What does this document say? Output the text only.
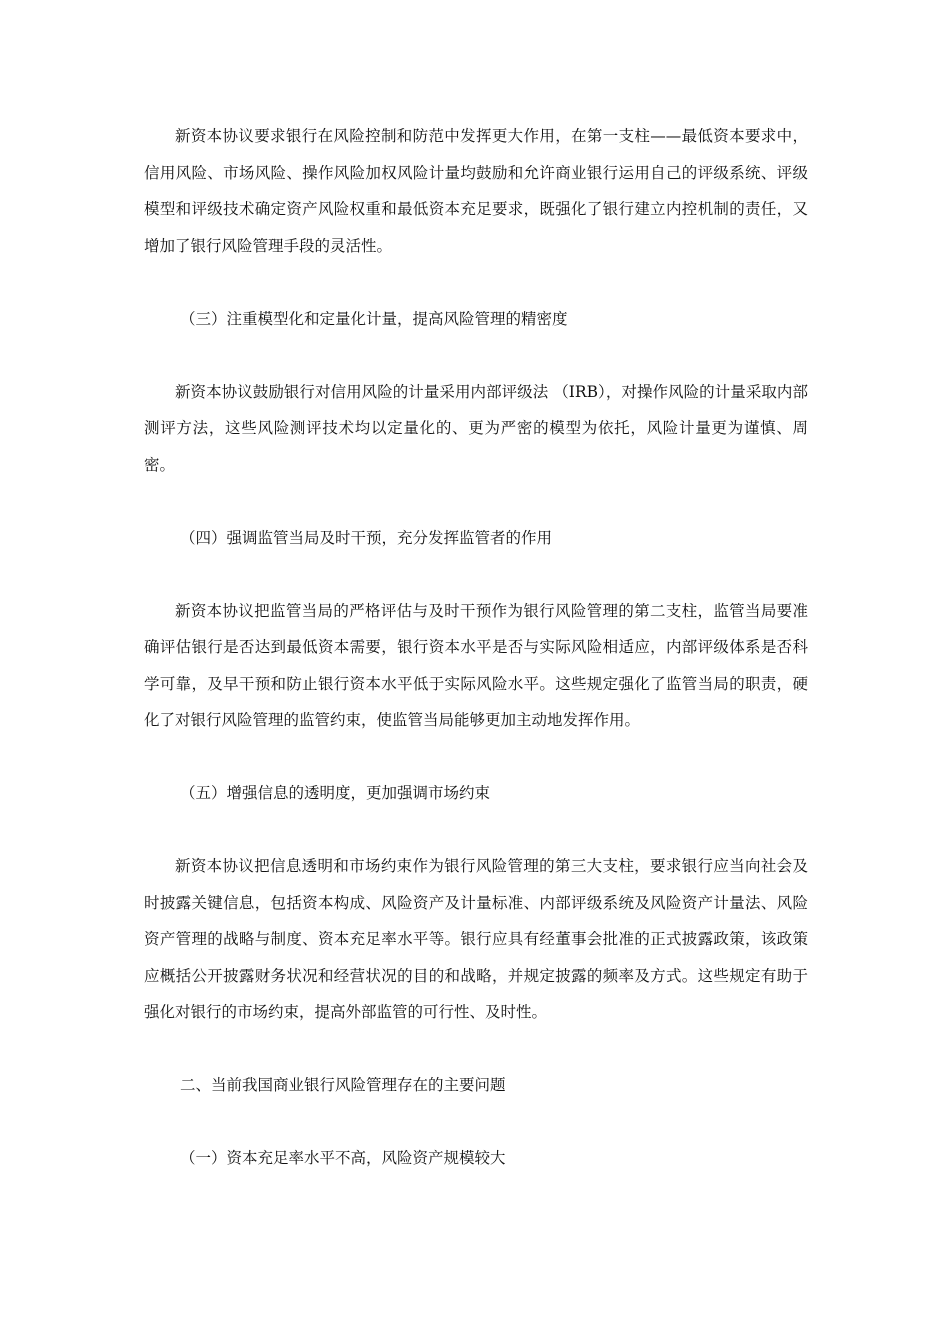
新资本协议要求银行在风险控制和防范中发挥更大作用，在第一支柱——最低资本要求中，信用风险、市场风险、操作风险加权风险计量均鼓励和允许商业银行运用自己的评级系统、评级模型和评级技术确定资产风险权重和最低资本充足要求，既强化了银行建立内控机制的责任，又增加了银行风险管理手段的灵活性。

（三）注重模型化和定量化计量，提高风险管理的精密度

新资本协议鼓励银行对信用风险的计量采用内部评级法 （IRB），对操作风险的计量采取内部测评方法，这些风险测评技术均以定量化的、更为严密的模型为依托，风险计量更为谨慎、周密。

（四）强调监管当局及时干预，充分发挥监管者的作用

新资本协议把监管当局的严格评估与及时干预作为银行风险管理的第二支柱，监管当局要准确评估银行是否达到最低资本需要，银行资本水平是否与实际风险相适应，内部评级体系是否科学可靠，及早干预和防止银行资本水平低于实际风险水平。这些规定强化了监管当局的职责，硬化了对银行风险管理的监管约束，使监管当局能够更加主动地发挥作用。

（五）增强信息的透明度，更加强调市场约束

新资本协议把信息透明和市场约束作为银行风险管理的第三大支柱，要求银行应当向社会及时披露关键信息，包括资本构成、风险资产及计量标准、内部评级系统及风险资产计量法、风险资产管理的战略与制度、资本充足率水平等。银行应具有经董事会批准的正式披露政策，该政策应概括公开披露财务状况和经营状况的目的和战略，并规定披露的频率及方式。这些规定有助于强化对银行的市场约束，提高外部监管的可行性、及时性。

二、当前我国商业银行风险管理存在的主要问题

（一）资本充足率水平不高，风险资产规模较大
